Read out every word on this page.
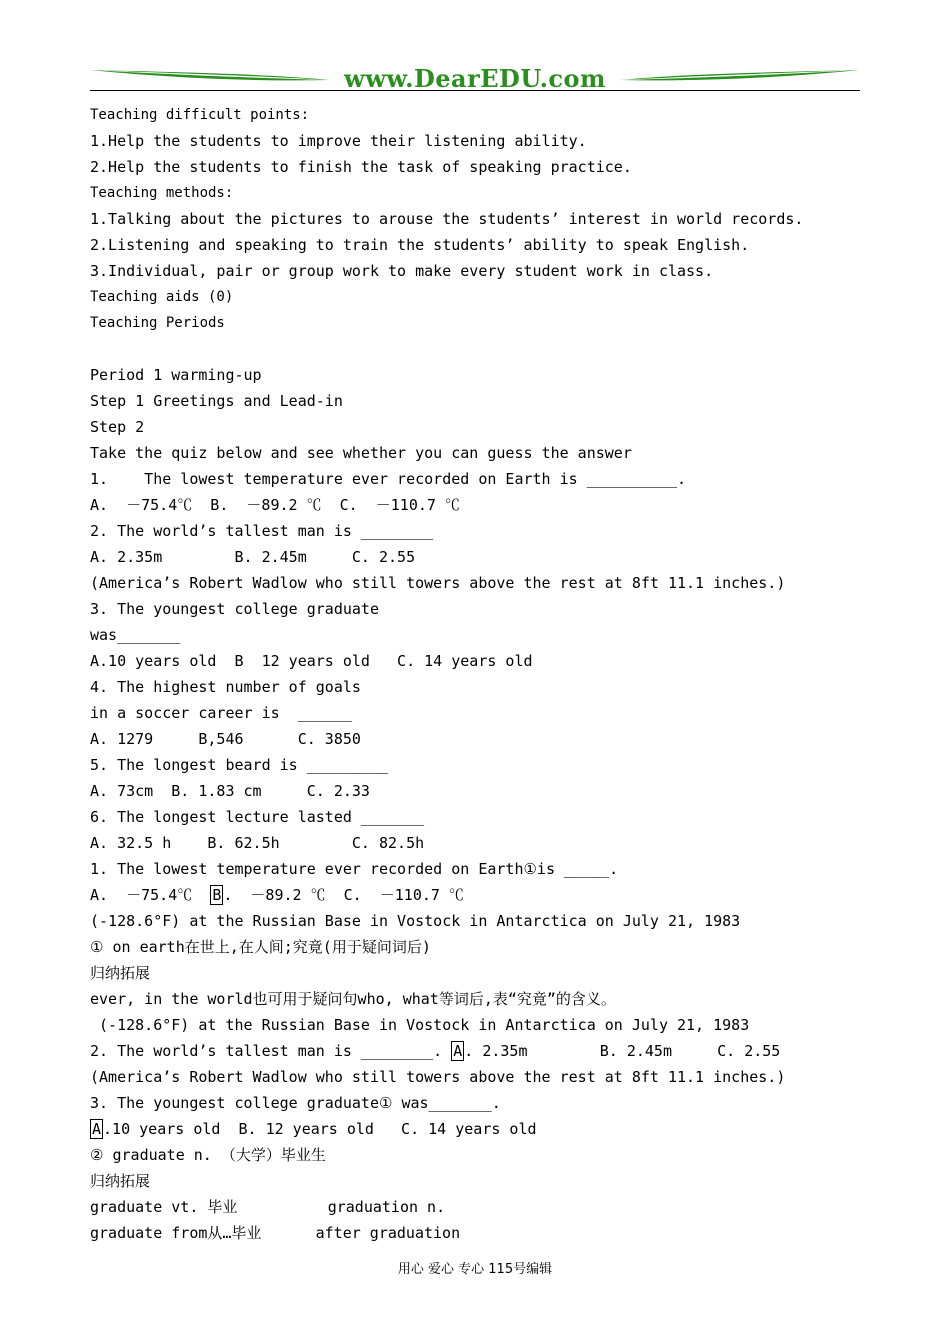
www.DearEDU.com
Teaching difficult points:
1.Help the students to improve their listening ability.
2.Help the students to finish the task of speaking practice.
Teaching methods:
1.Talking about the pictures to arouse the students’ interest in world records.
2.Listening and speaking to train the students’ ability to speak English.
3.Individual, pair or group work to make every student work in class.
Teaching aids (0)
Teaching Periods
Period 1 warming-up
Step 1 Greetings and Lead-in
Step 2
Take the quiz below and see whether you can guess the answer
1.    The lowest temperature ever recorded on Earth is __________.
A.  －75.4℃  B.  －89.2 ℃  C.  －110.7 ℃
2. The world’s tallest man is ________
A. 2.35m        B. 2.45m     C. 2.55
(America’s Robert Wadlow who still towers above the rest at 8ft 11.1 inches.)
3. The youngest college graduate
was_______
A.10 years old  B  12 years old   C. 14 years old
4. The highest number of goals
in a soccer career is  ______
A. 1279     B,546      C. 3850
5. The longest beard is _________
A. 73cm  B. 1.83 cm     C. 2.33
6. The longest lecture lasted _______
A. 32.5 h    B. 62.5h        C. 82.5h
1. The lowest temperature ever recorded on Earth①is _____.
A.  －75.4℃  B .  －89.2 ℃  C.  －110.7 ℃
(-128.6°F) at the Russian Base in Vostock in Antarctica on July 21, 1983
① on earth在世上,在人间;究竟(用于疑问词后)
归纳拓展
ever, in the world也可用于疑问句who, what等词后,表“究竟”的含义。
(-128.6°F) at the Russian Base in Vostock in Antarctica on July 21, 1983
2. The world’s tallest man is ________. A . 2.35m        B. 2.45m     C. 2.55
(America’s Robert Wadlow who still towers above the rest at 8ft 11.1 inches.)
3. The youngest college graduate① was_______.
A .10 years old  B. 12 years old   C. 14 years old
② graduate n. （大学）毕业生
归纳拓展
graduate vt. 毕业          graduation n.
graduate from从…毕业      after graduation
用心 爱心 专心 115号编辑
